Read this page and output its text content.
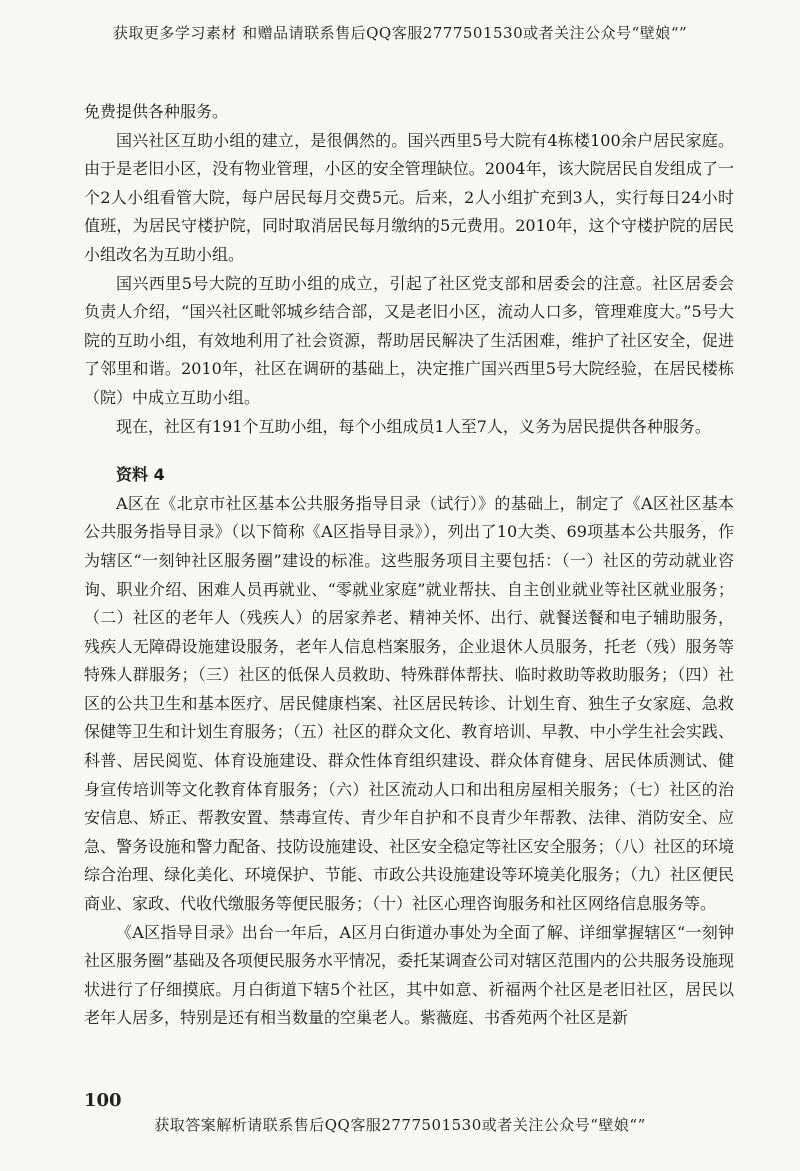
获取更多学习素材 和赠品请联系售后QQ客服2777501530或者关注公众号“壁娘“”

免费提供各种服务。

国兴社区互助小组的建立，是很偶然的。国兴西里5号大院有4栋楼100余户居民家庭。由于是老旧小区，没有物业管理，小区的安全管理缺位。2004年，该大院居民自发组成了一个2人小组看管大院，每户居民每月交费5元。后来，2人小组扩充到3人，实行每日24小时值班，为居民守楼护院，同时取消居民每月缴纳的5元费用。2010年，这个守楼护院的居民小组改名为互助小组。

国兴西里5号大院的互助小组的成立，引起了社区党支部和居委会的注意。社区居委会负责人介绍，“国兴社区毗邻城乡结合部，又是老旧小区，流动人口多，管理难度大。”5号大院的互助小组，有效地利用了社会资源，帮助居民解决了生活困难，维护了社区安全，促进了邻里和谐。2010年，社区在调研的基础上，决定推广国兴西里5号大院经验，在居民楼栋（院）中成立互助小组。

现在，社区有191个互助小组，每个小组成员1人至7人，义务为居民提供各种服务。

资料 4

A区在《北京市社区基本公共服务指导目录（试行）》的基础上，制定了《A区社区基本公共服务指导目录》（以下简称《A区指导目录》），列出了10大类、69项基本公共服务，作为辖区“一刻钟社区服务圈”建设的标准。这些服务项目主要包括：（一）社区的劳动就业咨询、职业介绍、困难人员再就业、“零就业家庭”就业帮扶、自主创业就业等社区就业服务；（二）社区的老年人（残疾人）的居家养老、精神关怀、出行、就餐送餐和电子辅助服务，残疾人无障碍设施建设服务，老年人信息档案服务，企业退休人员服务，托老（残）服务等特殊人群服务；（三）社区的低保人员救助、特殊群体帮扶、临时救助等救助服务；（四）社区的公共卫生和基本医疗、居民健康档案、社区居民转诊、计划生育、独生子女家庭、急救保健等卫生和计划生育服务；（五）社区的群众文化、教育培训、早教、中小学生社会实践、科普、居民阅览、体育设施建设、群众性体育组织建设、群众体育健身、居民体质测试、健身宣传培训等文化教育体育服务；（六）社区流动人口和出租房屋相关服务；（七）社区的治安信息、矫正、帮教安置、禁毒宣传、青少年自护和不良青少年帮教、法律、消防安全、应急、警务设施和警力配备、技防设施建设、社区安全稳定等社区安全服务；（八）社区的环境综合治理、绿化美化、环境保护、节能、市政公共设施建设等环境美化服务；（九）社区便民商业、家政、代收代缴服务等便民服务；（十）社区心理咨询服务和社区网络信息服务等。

《A区指导目录》出台一年后，A区月白街道办事处为全面了解、详细掌握辖区“一刻钟社区服务圈”基础及各项便民服务水平情况，委托某调查公司对辖区范围内的公共服务设施现状进行了仔细摸底。月白街道下辖5个社区，其中如意、祈福两个社区是老旧社区，居民以老年人居多，特别是还有相当数量的空巢老人。紫薇庭、书香苑两个社区是新

100
获取答案解析请联系售后QQ客服2777501530或者关注公众号“壁娘“”
